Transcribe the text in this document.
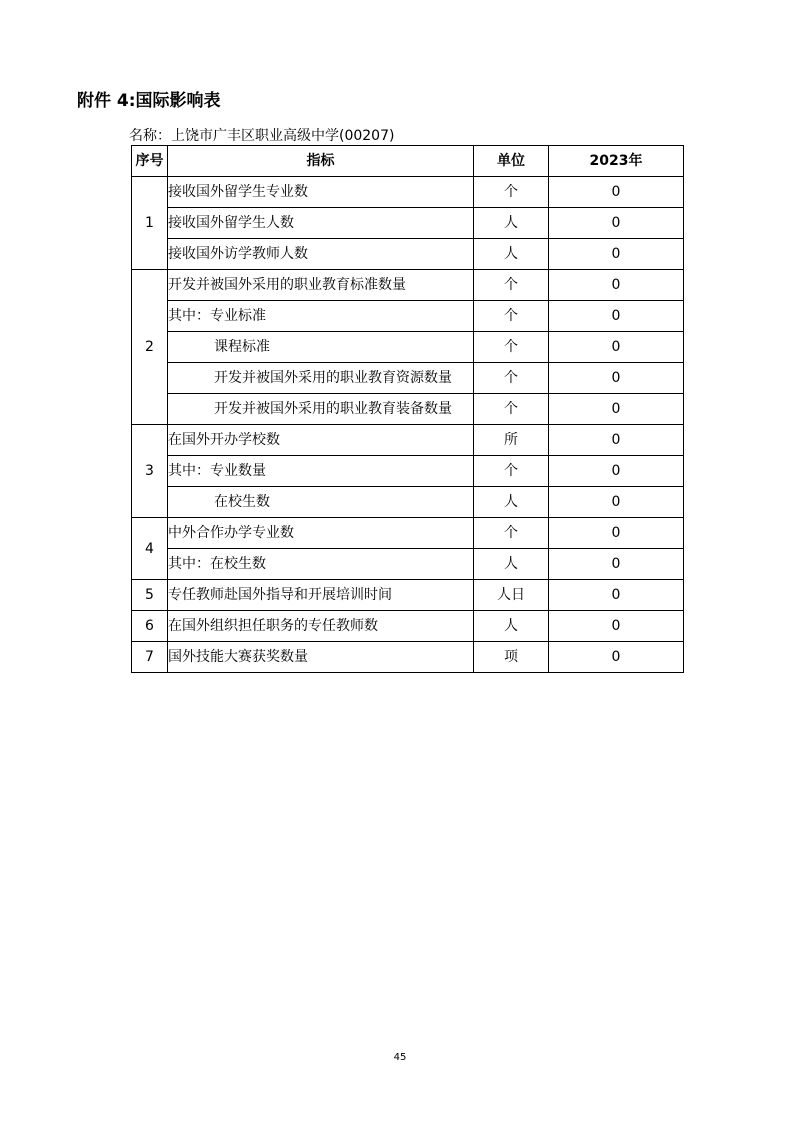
​
附件 4:国际影响表
名称：上饶市广丰区职业高级中学(00207)
序号	指标	单位	2023年
1	接收国外留学生专业数	个	0
	接收国外留学生人数	人	0
	接收国外访学教师人数	人	0
2	开发并被国外采用的职业教育标准数量	个	0
	其中：专业标准	个	0
	课程标准	个	0
	开发并被国外采用的职业教育资源数量	个	0
	开发并被国外采用的职业教育装备数量	个	0
3	在国外开办学校数	所	0
	其中：专业数量	个	0
	在校生数	人	0
4	中外合作办学专业数	个	0
	其中：在校生数	人	0
5	专任教师赴国外指导和开展培训时间	人日	0
6	在国外组织担任职务的专任教师数	人	0
7	国外技能大赛获奖数量	项	0
45
